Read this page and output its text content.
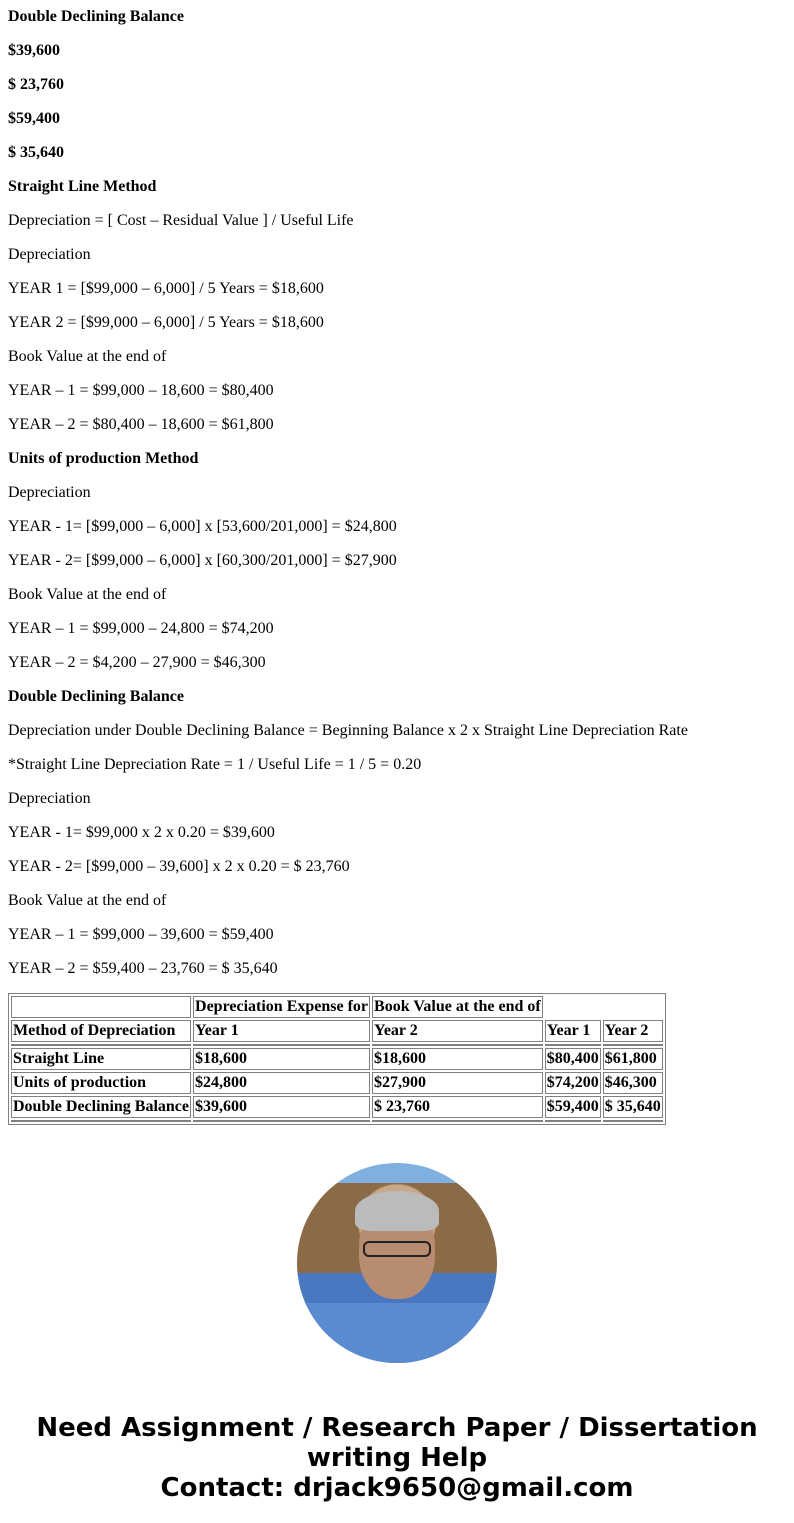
Double Declining Balance

$39,600

$ 23,760

$59,400

$ 35,640

Straight Line Method

Depreciation = [ Cost – Residual Value ] / Useful Life

Depreciation

YEAR 1 = [$99,000 – 6,000] / 5 Years = $18,600

YEAR 2 = [$99,000 – 6,000] / 5 Years = $18,600

Book Value at the end of

YEAR – 1 = $99,000 – 18,600 = $80,400

YEAR – 2 = $80,400 – 18,600 = $61,800

Units of production Method

Depreciation

YEAR - 1= [$99,000 – 6,000] x [53,600/201,000] = $24,800

YEAR - 2= [$99,000 – 6,000] x [60,300/201,000] = $27,900

Book Value at the end of

YEAR – 1 = $99,000 – 24,800 = $74,200

YEAR – 2 = $4,200 – 27,900 = $46,300

Double Declining Balance

Depreciation under Double Declining Balance = Beginning Balance x 2 x Straight Line Depreciation Rate

*Straight Line Depreciation Rate = 1 / Useful Life = 1 / 5 = 0.20

Depreciation

YEAR - 1= $99,000 x 2 x 0.20 = $39,600

YEAR - 2= [$99,000 – 39,600] x 2 x 0.20 = $ 23,760

Book Value at the end of

YEAR – 1 = $99,000 – 39,600 = $59,400

YEAR – 2 = $59,400 – 23,760 = $ 35,640

	Depreciation Expense for	Book Value at the end of		
Method of Depreciation	Year 1	Year 2	Year 1	Year 2

Straight Line	$18,600	$18,600	$80,400	$61,800
Units of production	$24,800	$27,900	$74,200	$46,300
Double Declining Balance	$39,600	$ 23,760	$59,400	$ 35,640

Need Assignment / Research Paper / Dissertation writing Help
Contact: drjack9650@gmail.com
